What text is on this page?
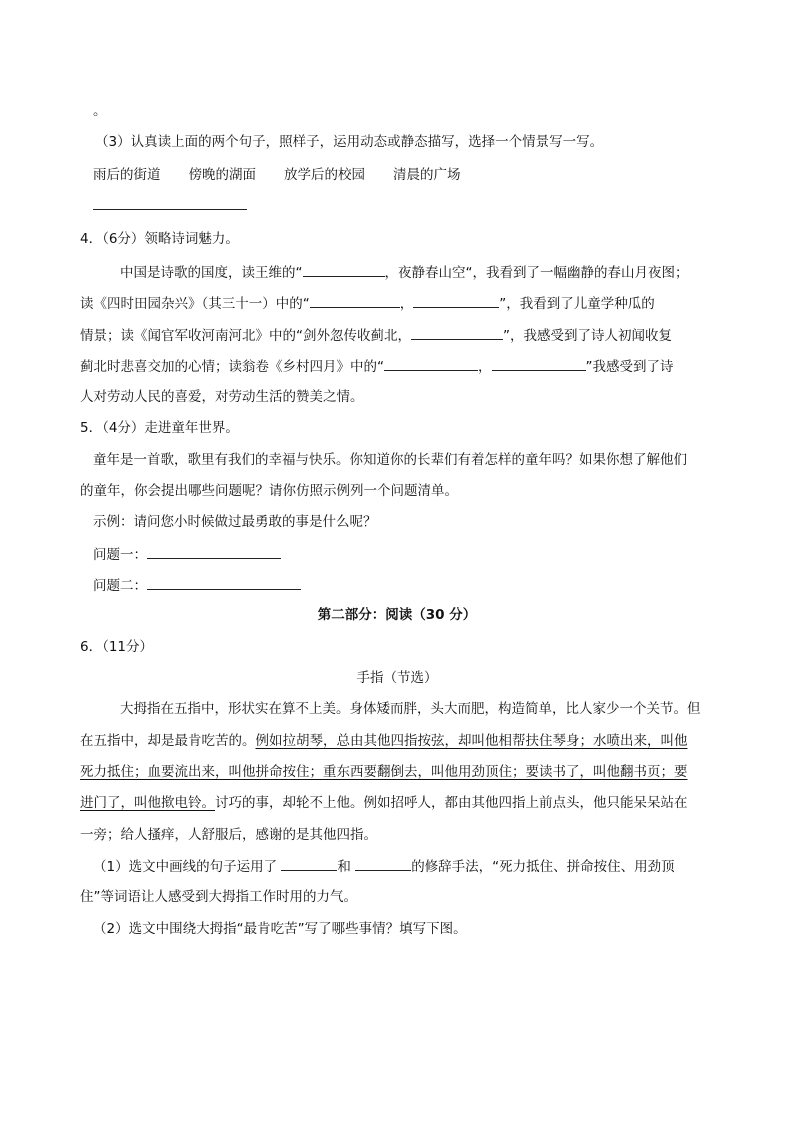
。
（3）认真读上面的两个句子，照样子，运用动态或静态描写，选择一个情景写一写。
雨后的街道 傍晚的湖面 放学后的校园 清晨的广场
4．（6分）领略诗词魅力。
中国是诗歌的国度，读王维的“	，夜静春山空“，我看到了一幅幽静的春山月夜图；
读《四时田园杂兴》（其三十一）中的“	，	”，我看到了儿童学种瓜的
情景；读《闻官军收河南河北》中的“剑外忽传收蓟北，	”，我感受到了诗人初闻收复
蓟北时悲喜交加的心情；读翁卷《乡村四月》中的“	，	”我感受到了诗
人对劳动人民的喜爱，对劳动生活的赞美之情。
5．（4分）走进童年世界。
童年是一首歌，歌里有我们的幸福与快乐。你知道你的长辈们有着怎样的童年吗？如果你想了解他们
的童年，你会提出哪些问题呢？请你仿照示例列一个问题清单。
示例：请问您小时候做过最勇敢的事是什么呢？
问题一：
问题二：
第二部分：阅读（30 分）
6．（11分）
手指（节选）
大拇指在五指中，形状实在算不上美。身体矮而胖，头大而肥，构造简单，比人家少一个关节。但
在五指中，却是最肯吃苦的。例如拉胡琴，总由其他四指按弦，却叫他相帮扶住琴身；水喷出来，叫他
死力抵住；血要流出来，叫他拼命按住；重东西要翻倒去，叫他用劲顶住；要读书了，叫他翻书页；要
进门了，叫他揿电铃。讨巧的事，却轮不上他。例如招呼人，都由其他四指上前点头，他只能呆呆站在
一旁；给人搔痒，人舒服后，感谢的是其他四指。
（1）选文中画线的句子运用了	和	的修辞手法，“死力抵住、拼命按住、用劲顶
住”等词语让人感受到大拇指工作时用的力气。
（2）选文中围绕大拇指“最肯吃苦”写了哪些事情？填写下图。
